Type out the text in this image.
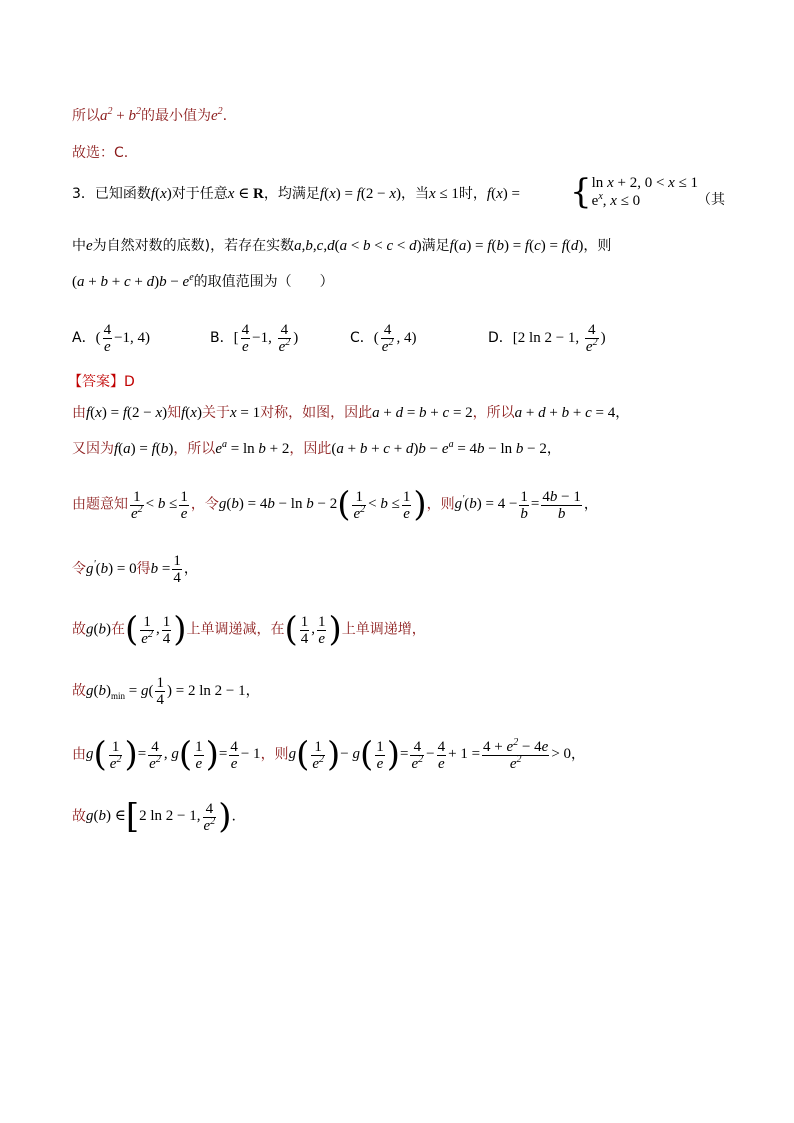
所以$a^2 + b^2$的最小值为$e^2$.
故选：C.
3．已知函数f(x)对于任意x ∈ R，均满足f(x) = f(2 − x)，当x ≤ 1时，f(x) = {ln x + 2, 0 < x ≤ 1
$e^x$, x ≤ 0	（其
中e为自然对数的底数)，若存在实数a,b,c,d(a < b < c < d)满足f(a) = f(b) = f(c) = f(d)，则
$(a + b + c + d)b - e^e$的取值范围为（　　）
A．( $\frac{4}{e} -1$, 4)	B．[ $\frac{4}{e} -1$, $\frac{4}{e^2}$ )	C．( $\frac{4}{e^2}$ , 4)	D．[2 ln 2 − 1, $\frac{4}{e^2}$ )
【答案】D
由f(x) = f(2 − x)知f(x)关于x = 1对称，如图，因此a + d = b + c = 2，所以a + d + b + c = 4，
又因为f(a) = f(b)，所以$e^a = \ln b + 2$，因此$(a + b + c + d)b - e^a = 4b - \ln b - 2$，
由题意知 $\frac{1}{e^2} < b \le \frac{1}{e}$ ，令$g(b) = 4b - \ln b - 2( \frac{1}{e^2} < b \le \frac{1}{e}$ )，则$g'(b) = 4 - \frac{1}{b} = \frac{4b - 1}{b}$ ，
令g'(b) = 0得$b = \frac{1}{4}$ ，
故g(b)在( $\frac{1}{e^2}$ , $\frac{1}{4}$ )上单调递减，在( $\frac{1}{4}$ , $\frac{1}{e}$ )上单调递增，
故$g(b)_{min} = g( \frac{1}{4}$ ) = 2 ln 2 − 1，
由$g( \frac{1}{e^2}$ )= $\frac{4}{e^2}$ , $g( \frac{1}{e}$ )= $\frac{4}{e} - 1$，则$g( \frac{1}{e^2}$ )− $g( \frac{1}{e}$ )= $\frac{4}{e^2} - \frac{4}{e} + 1 = \frac{4 + e^2 - 4e}{e^2} > 0$，
故g(b) ∈[2 ln 2 − 1, $\frac{4}{e^2}$ ).
